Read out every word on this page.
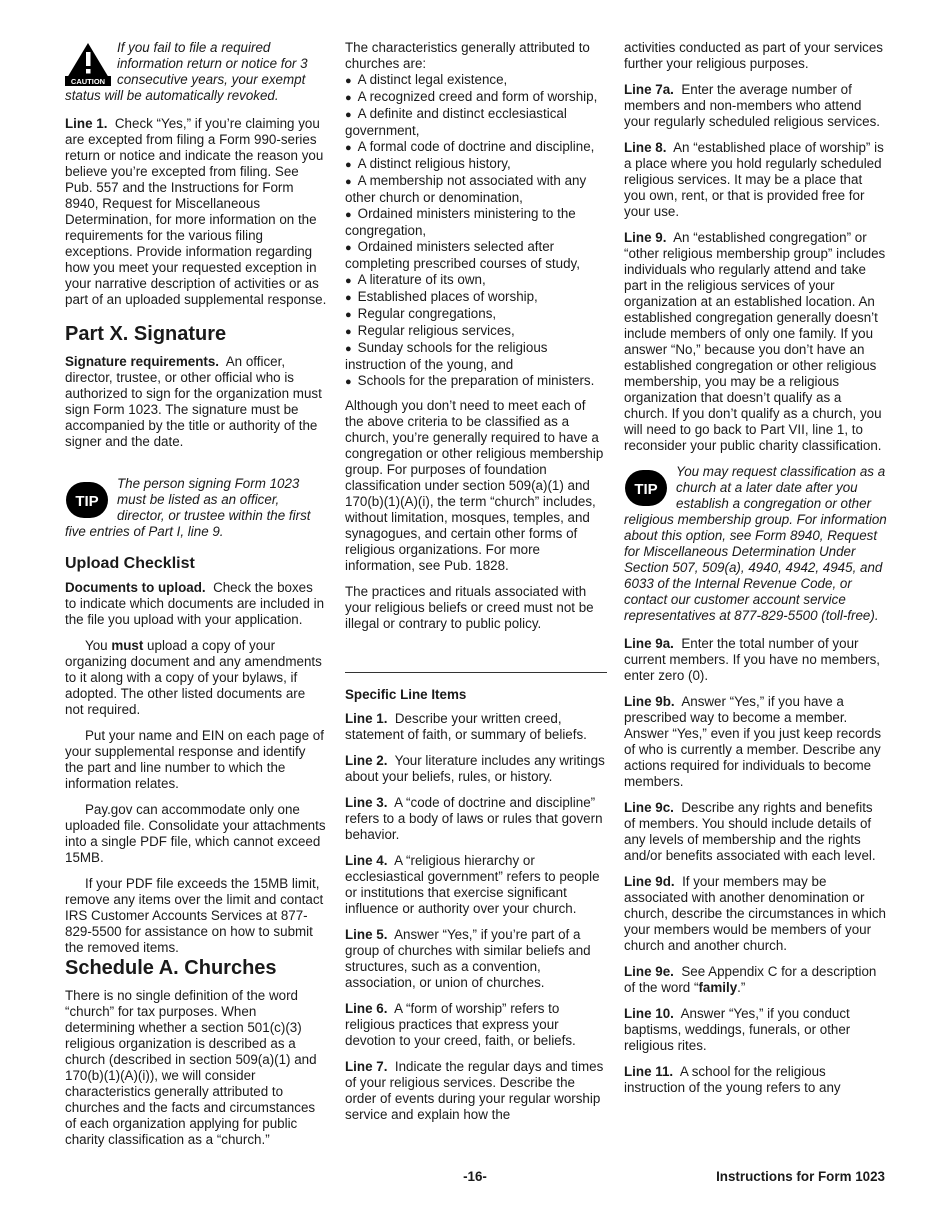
CAUTION
If you fail to file a required information return or notice for 3 consecutive years, your exempt status will be automatically revoked.

Line 1. Check “Yes,” if you’re claiming you are excepted from filing a Form 990-series return or notice and indicate the reason you believe you’re excepted from filing. See Pub. 557 and the Instructions for Form 8940, Request for Miscellaneous Determination, for more information on the requirements for the various filing exceptions. Provide information regarding how you meet your requested exception in your narrative description of activities or as part of an uploaded supplemental response.

Part X. Signature

Signature requirements. An officer, director, trustee, or other official who is authorized to sign for the organization must sign Form 1023. The signature must be accompanied by the title or authority of the signer and the date.

TIP
The person signing Form 1023 must be listed as an officer, director, or trustee within the first five entries of Part I, line 9.
Upload Checklist

Documents to upload. Check the boxes to indicate which documents are included in the file you upload with your application.

You must upload a copy of your organizing document and any amendments to it along with a copy of your bylaws, if adopted. The other listed documents are not required.

Put your name and EIN on each page of your supplemental response and identify the part and line number to which the information relates.

Pay.gov can accommodate only one uploaded file. Consolidate your attachments into a single PDF file, which cannot exceed 15MB.

If your PDF file exceeds the 15MB limit, remove any items over the limit and contact IRS Customer Accounts Services at 877-829-5500 for assistance on how to submit the removed items.

Schedule A. Churches

There is no single definition of the word “church” for tax purposes. When determining whether a section 501(c)(3) religious organization is described as a church (described in section 509(a)(1) and 170(b)(1)(A)(i)), we will consider characteristics generally attributed to churches and the facts and circumstances of each organization applying for public charity classification as a “church.”

The characteristics generally attributed to churches are:

● A distinct legal existence,
● A recognized creed and form of worship,
● A definite and distinct ecclesiastical government,
● A formal code of doctrine and discipline,
● A distinct religious history,
● A membership not associated with any other church or denomination,
● Ordained ministers ministering to the congregation,
● Ordained ministers selected after completing prescribed courses of study,
● A literature of its own,
● Established places of worship,
● Regular congregations,
● Regular religious services,
● Sunday schools for the religious instruction of the young, and
● Schools for the preparation of ministers.

Although you don’t need to meet each of the above criteria to be classified as a church, you’re generally required to have a congregation or other religious membership group. For purposes of foundation classification under section 509(a)(1) and 170(b)(1)(A)(i), the term “church” includes, without limitation, mosques, temples, and synagogues, and certain other forms of religious organizations. For more information, see Pub. 1828.

The practices and rituals associated with your religious beliefs or creed must not be illegal or contrary to public policy.

Specific Line Items

Line 1. Describe your written creed, statement of faith, or summary of beliefs.

Line 2. Your literature includes any writings about your beliefs, rules, or history.

Line 3. A “code of doctrine and discipline” refers to a body of laws or rules that govern behavior.

Line 4. A “religious hierarchy or ecclesiastical government” refers to people or institutions that exercise significant influence or authority over your church.

Line 5. Answer “Yes,” if you’re part of a group of churches with similar beliefs and structures, such as a convention, association, or union of churches.

Line 6. A “form of worship” refers to religious practices that express your devotion to your creed, faith, or beliefs.

Line 7. Indicate the regular days and times of your religious services. Describe the order of events during your regular worship service and explain how the

activities conducted as part of your services further your religious purposes.

Line 7a. Enter the average number of members and non-members who attend your regularly scheduled religious services.

Line 8. An “established place of worship” is a place where you hold regularly scheduled religious services. It may be a place that you own, rent, or that is provided free for your use.

Line 9. An “established congregation” or “other religious membership group” includes individuals who regularly attend and take part in the religious services of your organization at an established location. An established congregation generally doesn’t include members of only one family. If you answer “No,” because you don’t have an established congregation or other religious membership, you may be a religious organization that doesn’t qualify as a church. If you don’t qualify as a church, you will need to go back to Part VII, line 1, to reconsider your public charity classification.

TIP
You may request classification as a church at a later date after you establish a congregation or other religious membership group. For information about this option, see Form 8940, Request for Miscellaneous Determination Under Section 507, 509(a), 4940, 4942, 4945, and 6033 of the Internal Revenue Code, or contact our customer account service representatives at 877-829-5500 (toll-free).

Line 9a. Enter the total number of your current members. If you have no members, enter zero (0).

Line 9b. Answer “Yes,” if you have a prescribed way to become a member. Answer “Yes,” even if you just keep records of who is currently a member. Describe any actions required for individuals to become members.

Line 9c. Describe any rights and benefits of members. You should include details of any levels of membership and the rights and/or benefits associated with each level.

Line 9d. If your members may be associated with another denomination or church, describe the circumstances in which your members would be members of your church and another church.

Line 9e. See Appendix C for a description of the word “family.”

Line 10. Answer “Yes,” if you conduct baptisms, weddings, funerals, or other religious rites.

Line 11. A school for the religious instruction of the young refers to any

-16-	Instructions for Form 1023
